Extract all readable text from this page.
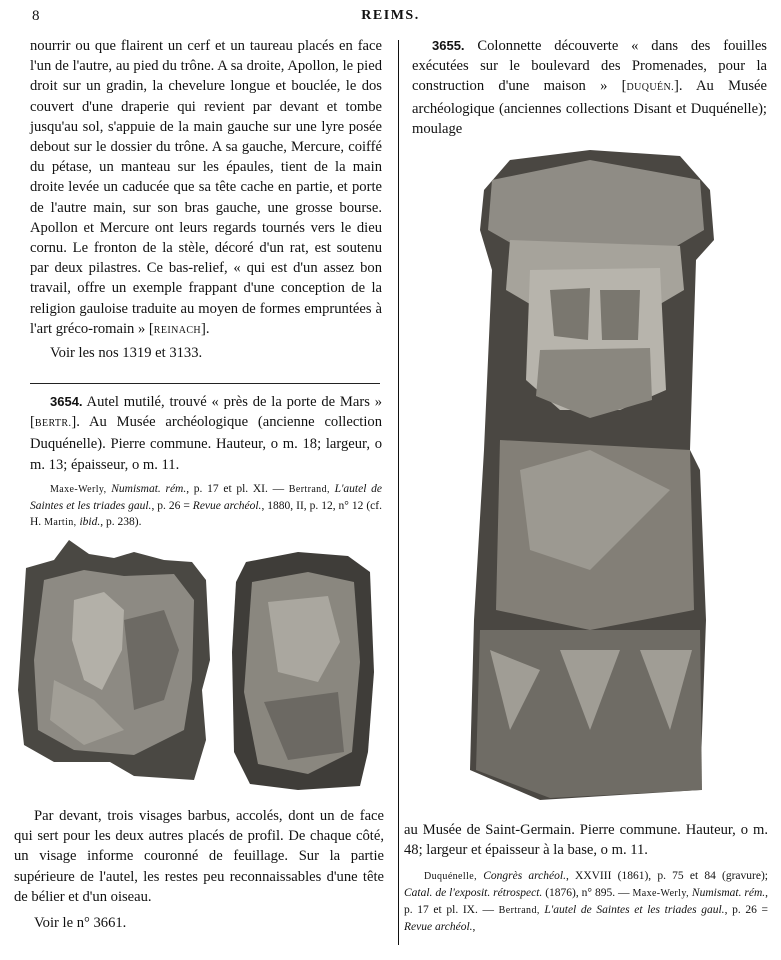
8	REIMS.

nourrir ou que flairent un cerf et un taureau placés en face l'un de l'autre, au pied du trône. A sa droite, Apollon, le pied droit sur un gradin, la chevelure longue et bouclée, le dos couvert d'une draperie qui revient par devant et tombe jusqu'au sol, s'appuie de la main gauche sur une lyre posée debout sur le dossier du trône. A sa gauche, Mercure, coiffé du pétase, un manteau sur les épaules, tient de la main droite levée un caducée que sa tête cache en partie, et porte de l'autre main, sur son bras gauche, une grosse bourse. Apollon et Mercure ont leurs regards tournés vers le dieu cornu. Le fronton de la stèle, décoré d'un rat, est soutenu par deux pilastres. Ce bas-relief, « qui est d'un assez bon travail, offre un exemple frappant d'une conception de la religion gauloise traduite au moyen de formes empruntées à l'art gréco-romain » [REINACH].

Voir les nos 1319 et 3133.

3654. Autel mutilé, trouvé « près de la porte de Mars » [BERTR.]. Au Musée archéologique (ancienne collection Duquénelle). Pierre commune. Hauteur, o m. 18; largeur, o m. 13; épaisseur, o m. 11.

Maxe-Werly, Numismat. rém., p. 17 et pl. XI. — Bertrand, L'autel de Saintes et les triades gaul., p. 26 = Revue archéol., 1880, II, p. 12, n° 12 (cf. H. Martin, ibid., p. 238).

Par devant, trois visages barbus, accolés, dont un de face qui sert pour les deux autres placés de profil. De chaque côté, un visage informe couronné de feuillage. Sur la partie supérieure de l'autel, les restes peu reconnaissables d'une tête de bélier et d'un oiseau.

Voir le n° 3661.

3655. Colonnette découverte « dans des fouilles exécutées sur le boulevard des Promenades, pour la construction d'une maison » [DUQUÉN.]. Au Musée archéologique (anciennes collections Disant et Duquénelle); moulage

au Musée de Saint-Germain. Pierre commune. Hauteur, o m. 48; largeur et épaisseur à la base, o m. 11.

Duquénelle, Congrès archéol., XXVIII (1861), p. 75 et 84 (gravure); Catal. de l'exposit. rétrospect. (1876), n° 895. — Maxe-Werly, Numismat. rém., p. 17 et pl. IX. — Bertrand, L'autel de Saintes et les triades gaul., p. 26 = Revue archéol.,
